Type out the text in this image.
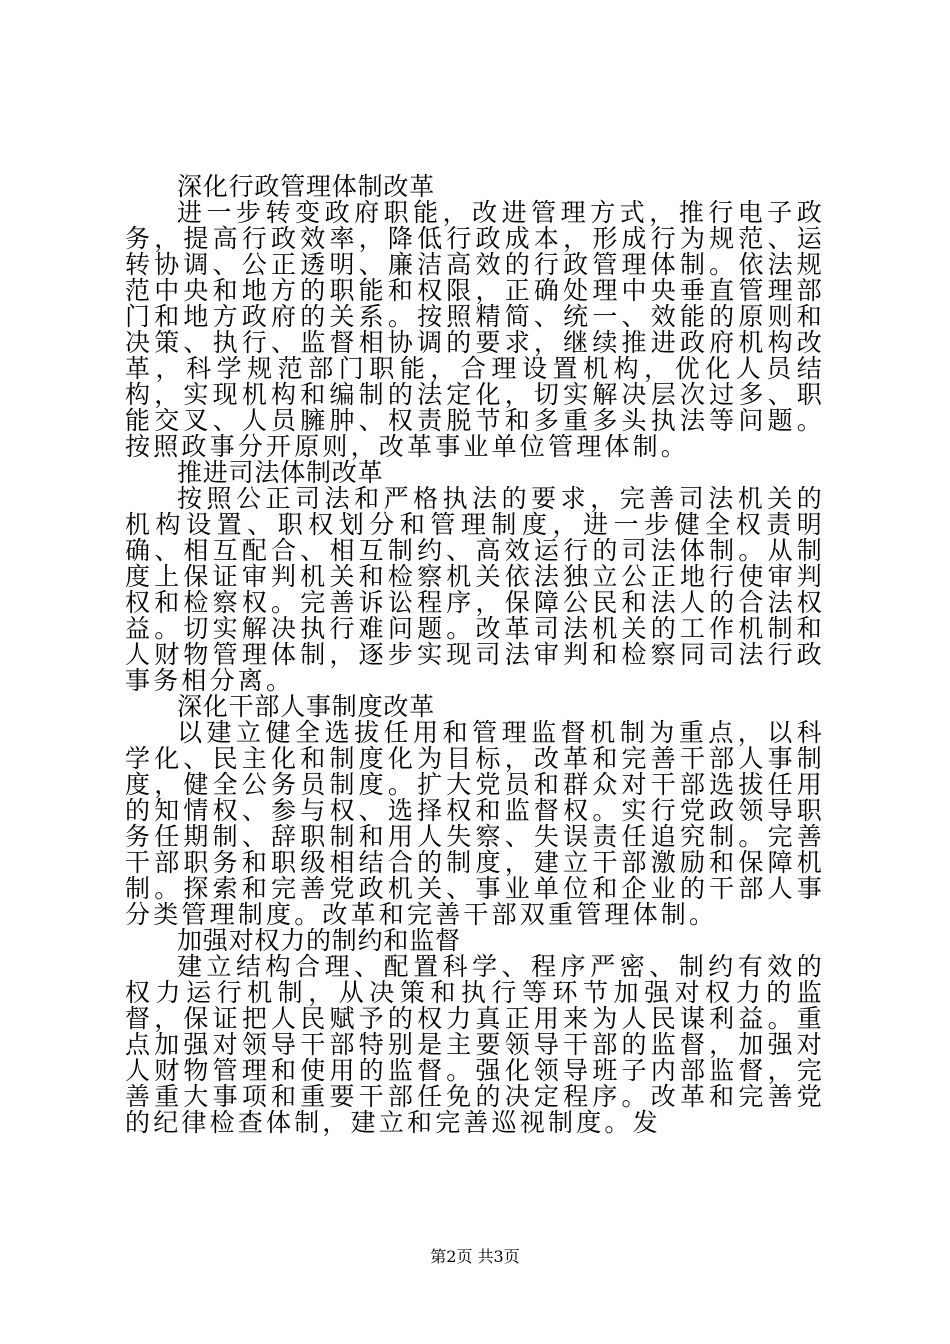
深化行政管理体制改革

进一步转变政府职能，改进管理方式，推行电子政务，提高行政效率，降低行政成本，形成行为规范、运转协调、公正透明、廉洁高效的行政管理体制。依法规范中央和地方的职能和权限，正确处理中央垂直管理部门和地方政府的关系。按照精简、统一、效能的原则和决策、执行、监督相协调的要求，继续推进政府机构改革，科学规范部门职能，合理设置机构，优化人员结构，实现机构和编制的法定化，切实解决层次过多、职能交叉、人员臃肿、权责脱节和多重多头执法等问题。按照政事分开原则，改革事业单位管理体制。

推进司法体制改革

按照公正司法和严格执法的要求，完善司法机关的机构设置、职权划分和管理制度，进一步健全权责明确、相互配合、相互制约、高效运行的司法体制。从制度上保证审判机关和检察机关依法独立公正地行使审判权和检察权。完善诉讼程序，保障公民和法人的合法权益。切实解决执行难问题。改革司法机关的工作机制和人财物管理体制，逐步实现司法审判和检察同司法行政事务相分离。

深化干部人事制度改革

以建立健全选拔任用和管理监督机制为重点，以科学化、民主化和制度化为目标，改革和完善干部人事制度，健全公务员制度。扩大党员和群众对干部选拔任用的知情权、参与权、选择权和监督权。实行党政领导职务任期制、辞职制和用人失察、失误责任追究制。完善干部职务和职级相结合的制度，建立干部激励和保障机制。探索和完善党政机关、事业单位和企业的干部人事分类管理制度。改革和完善干部双重管理体制。

加强对权力的制约和监督

建立结构合理、配置科学、程序严密、制约有效的权力运行机制，从决策和执行等环节加强对权力的监督，保证把人民赋予的权力真正用来为人民谋利益。重点加强对领导干部特别是主要领导干部的监督，加强对人财物管理和使用的监督。强化领导班子内部监督，完善重大事项和重要干部任免的决定程序。改革和完善党的纪律检查体制，建立和完善巡视制度。发

第2页 共3页
